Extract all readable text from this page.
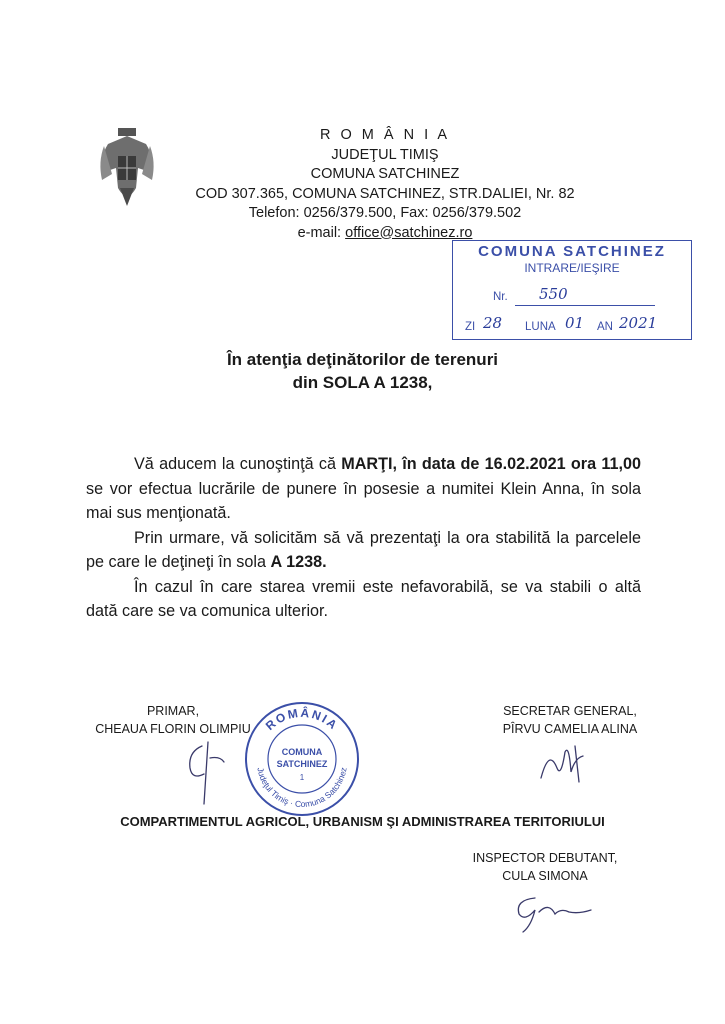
R O M Â N I A
JUDEŢUL TIMIŞ
COMUNA SATCHINEZ
COD 307.365, COMUNA SATCHINEZ, STR.DALIEI, Nr. 82
Telefon: 0256/379.500, Fax: 0256/379.502
e-mail: office@satchinez.ro
COMUNA SATCHINEZ
INTRARE/IEŞIRE
Nr. 550
ZI 28 LUNA 01 AN 2021
În atenţia deţinătorilor de terenuri
din SOLA A 1238,

Vă aducem la cunoştinţă că MARŢI, în data de 16.02.2021 ora 11,00 se vor efectua lucrările de punere în posesie a numitei Klein Anna, în sola mai sus menţionată.

Prin urmare, vă solicităm să vă prezentaţi la ora stabilită la parcelele pe care le deţineţi în sola A 1238.

În cazul în care starea vremii este nefavorabilă, se va stabili o altă dată care se va comunica ulterior.

PRIMAR,
CHEAUA FLORIN OLIMPIU	ROMÂNIA
Judeţul Timiş · Comuna Satchinez
COMUNA
SATCHINEZ
1
SECRETAR GENERAL,
PÎRVU CAMELIA ALINA
COMPARTIMENTUL AGRICOL, URBANISM ŞI ADMINISTRAREA TERITORIULUI
INSPECTOR DEBUTANT,
CULA SIMONA
